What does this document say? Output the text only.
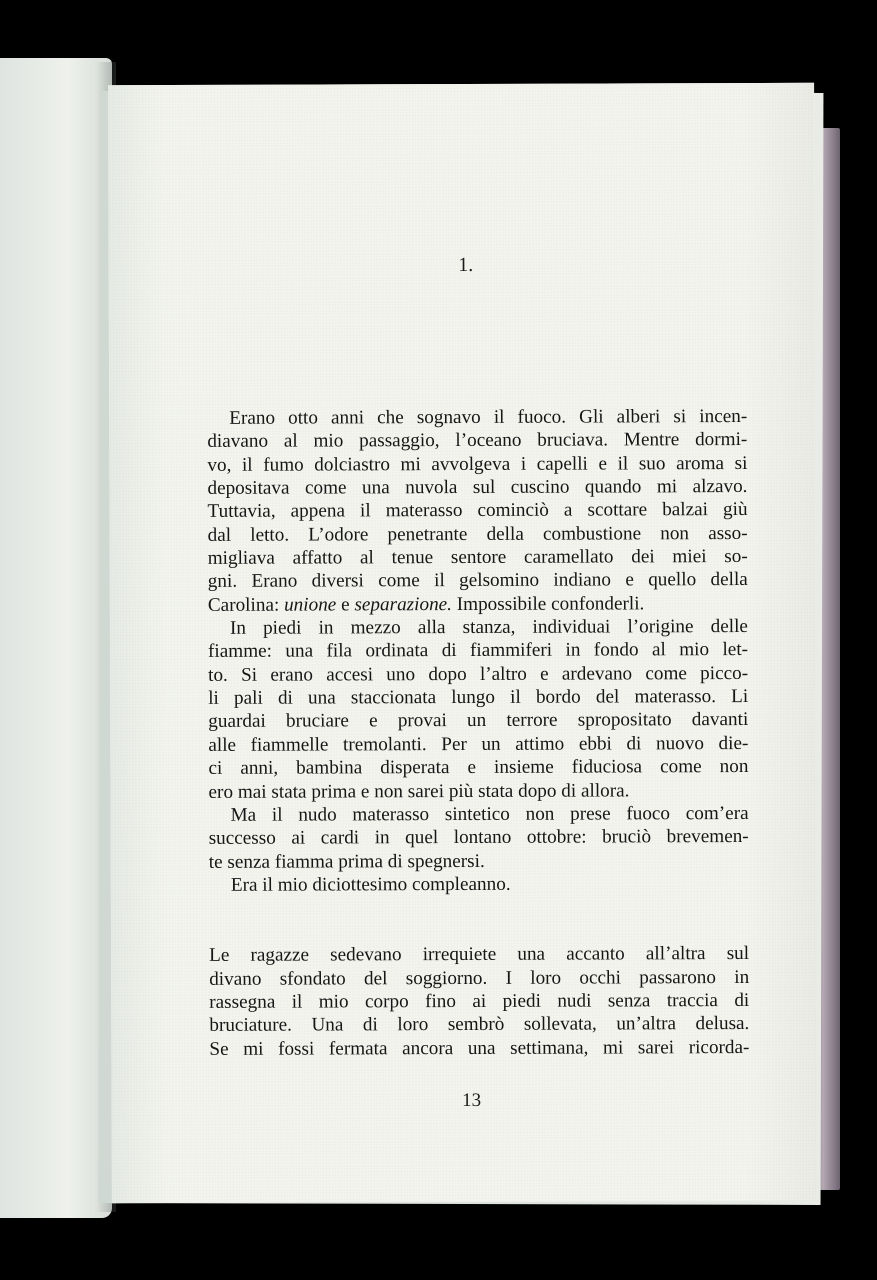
1.

Erano otto anni che sognavo il fuoco. Gli alberi si incen-
diavano al mio passaggio, l’oceano bruciava. Mentre dormi-
vo, il fumo dolciastro mi avvolgeva i capelli e il suo aroma si
depositava come una nuvola sul cuscino quando mi alzavo.
Tuttavia, appena il materasso cominciò a scottare balzai giù
dal letto. L’odore penetrante della combustione non asso-
migliava affatto al tenue sentore caramellato dei miei so-
gni. Erano diversi come il gelsomino indiano e quello della
Carolina: unione e separazione. Impossibile confonderli.

In piedi in mezzo alla stanza, individuai l’origine delle
fiamme: una fila ordinata di fiammiferi in fondo al mio let-
to. Si erano accesi uno dopo l’altro e ardevano come picco-
li pali di una staccionata lungo il bordo del materasso. Li
guardai bruciare e provai un terrore spropositato davanti
alle fiammelle tremolanti. Per un attimo ebbi di nuovo die-
ci anni, bambina disperata e insieme fiduciosa come non
ero mai stata prima e non sarei più stata dopo di allora.

Ma il nudo materasso sintetico non prese fuoco com’era
successo ai cardi in quel lontano ottobre: bruciò brevemen-
te senza fiamma prima di spegnersi.

Era il mio diciottesimo compleanno.

Le ragazze sedevano irrequiete una accanto all’altra sul
divano sfondato del soggiorno. I loro occhi passarono in
rassegna il mio corpo fino ai piedi nudi senza traccia di
bruciature. Una di loro sembrò sollevata, un’altra delusa.
Se mi fossi fermata ancora una settimana, mi sarei ricorda-

13
